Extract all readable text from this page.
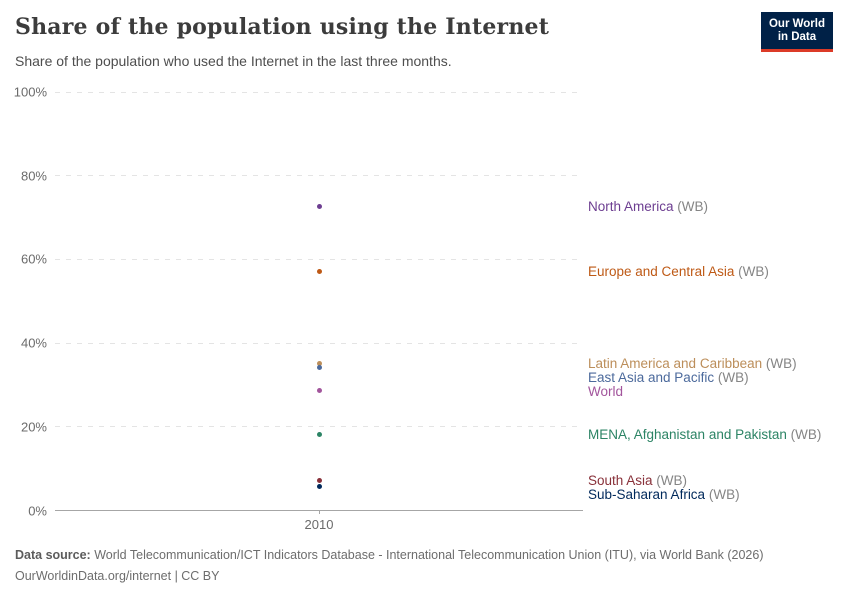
Share of the population using the Internet

Share of the population who used the Internet in the last three months.

Our World
in Data
0%
20%
40%
60%
80%
100%
2010
North America (WB)
Europe and Central Asia (WB)
Latin America and Caribbean (WB)
East Asia and Pacific (WB)
World
MENA, Afghanistan and Pakistan (WB)
South Asia (WB)
Sub-Saharan Africa (WB)

Data source: World Telecommunication/ICT Indicators Database - International Telecommunication Union (ITU), via World Bank (2026)

OurWorldinData.org/internet | CC BY
